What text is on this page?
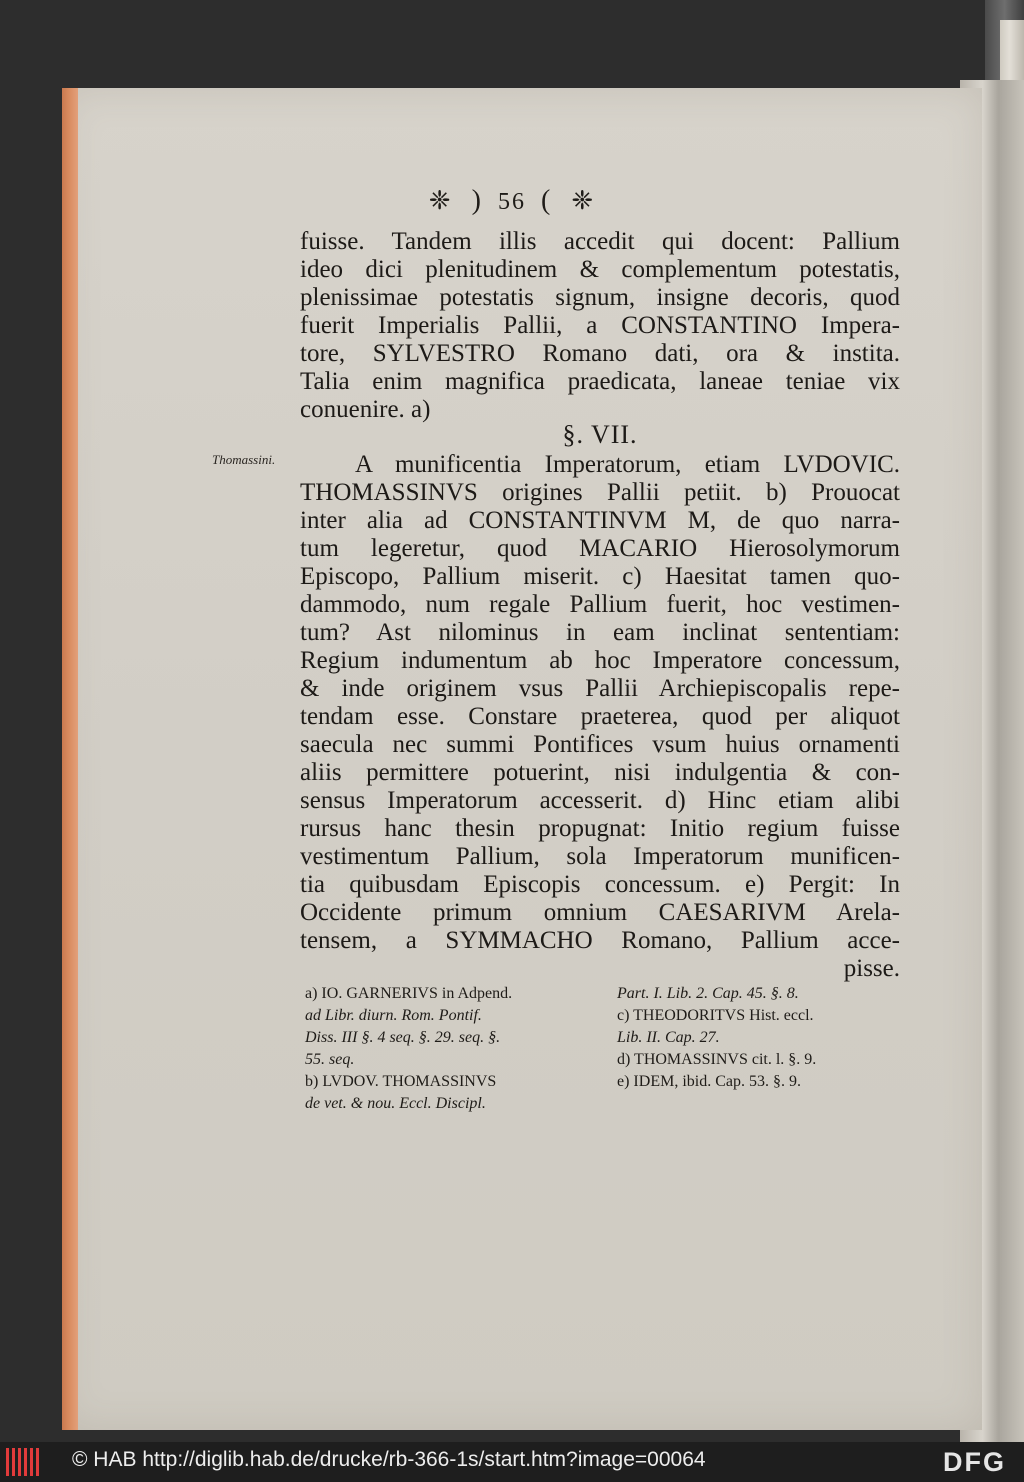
❈ ) 56 ( ❈
fuisse. Tandem illis accedit qui docent: Pallium
ideo dici plenitudinem & complementum potestatis,
plenissimae potestatis signum, insigne decoris, quod
fuerit Imperialis Pallii, a CONSTANTINO Impera-
tore, SYLVESTRO Romano dati, ora & instita.
Talia enim magnifica praedicata, laneae teniae vix
conuenire. a)
§. VII.
Thomassini.	A munificentia Imperatorum, etiam LVDOVIC.
THOMASSINVS origines Pallii petiit. b) Prouocat
inter alia ad CONSTANTINVM M, de quo narra-
tum legeretur, quod MACARIO Hierosolymorum
Episcopo, Pallium miserit. c) Haesitat tamen quo-
dammodo, num regale Pallium fuerit, hoc vestimen-
tum? Ast nilominus in eam inclinat sententiam:
Regium indumentum ab hoc Imperatore concessum,
& inde originem vsus Pallii Archiepiscopalis repe-
tendam esse. Constare praeterea, quod per aliquot
saecula nec summi Pontifices vsum huius ornamenti
aliis permittere potuerint, nisi indulgentia & con-
sensus Imperatorum accesserit. d) Hinc etiam alibi
rursus hanc thesin propugnat: Initio regium fuisse
vestimentum Pallium, sola Imperatorum munificen-
tia quibusdam Episcopis concessum. e) Pergit: In
Occidente primum omnium CAESARIVM Arela-
tensem, a SYMMACHO Romano, Pallium acce-
pisse.
a) IO. GARNERIVS in Adpend.
ad Libr. diurn. Rom. Pontif.
Diss. III §. 4 seq. §. 29. seq. §.
55. seq.
b) LVDOV. THOMASSINVS
de vet. & nou. Eccl. Discipl.
Part. I. Lib. 2. Cap. 45. §. 8.
c) THEODORITVS Hist. eccl.
Lib. II. Cap. 27.
d) THOMASSINVS cit. l. §. 9.
e) IDEM, ibid. Cap. 53. §. 9.
© HAB http://diglib.hab.de/drucke/rb-366-1s/start.htm?image=00064	DFG
